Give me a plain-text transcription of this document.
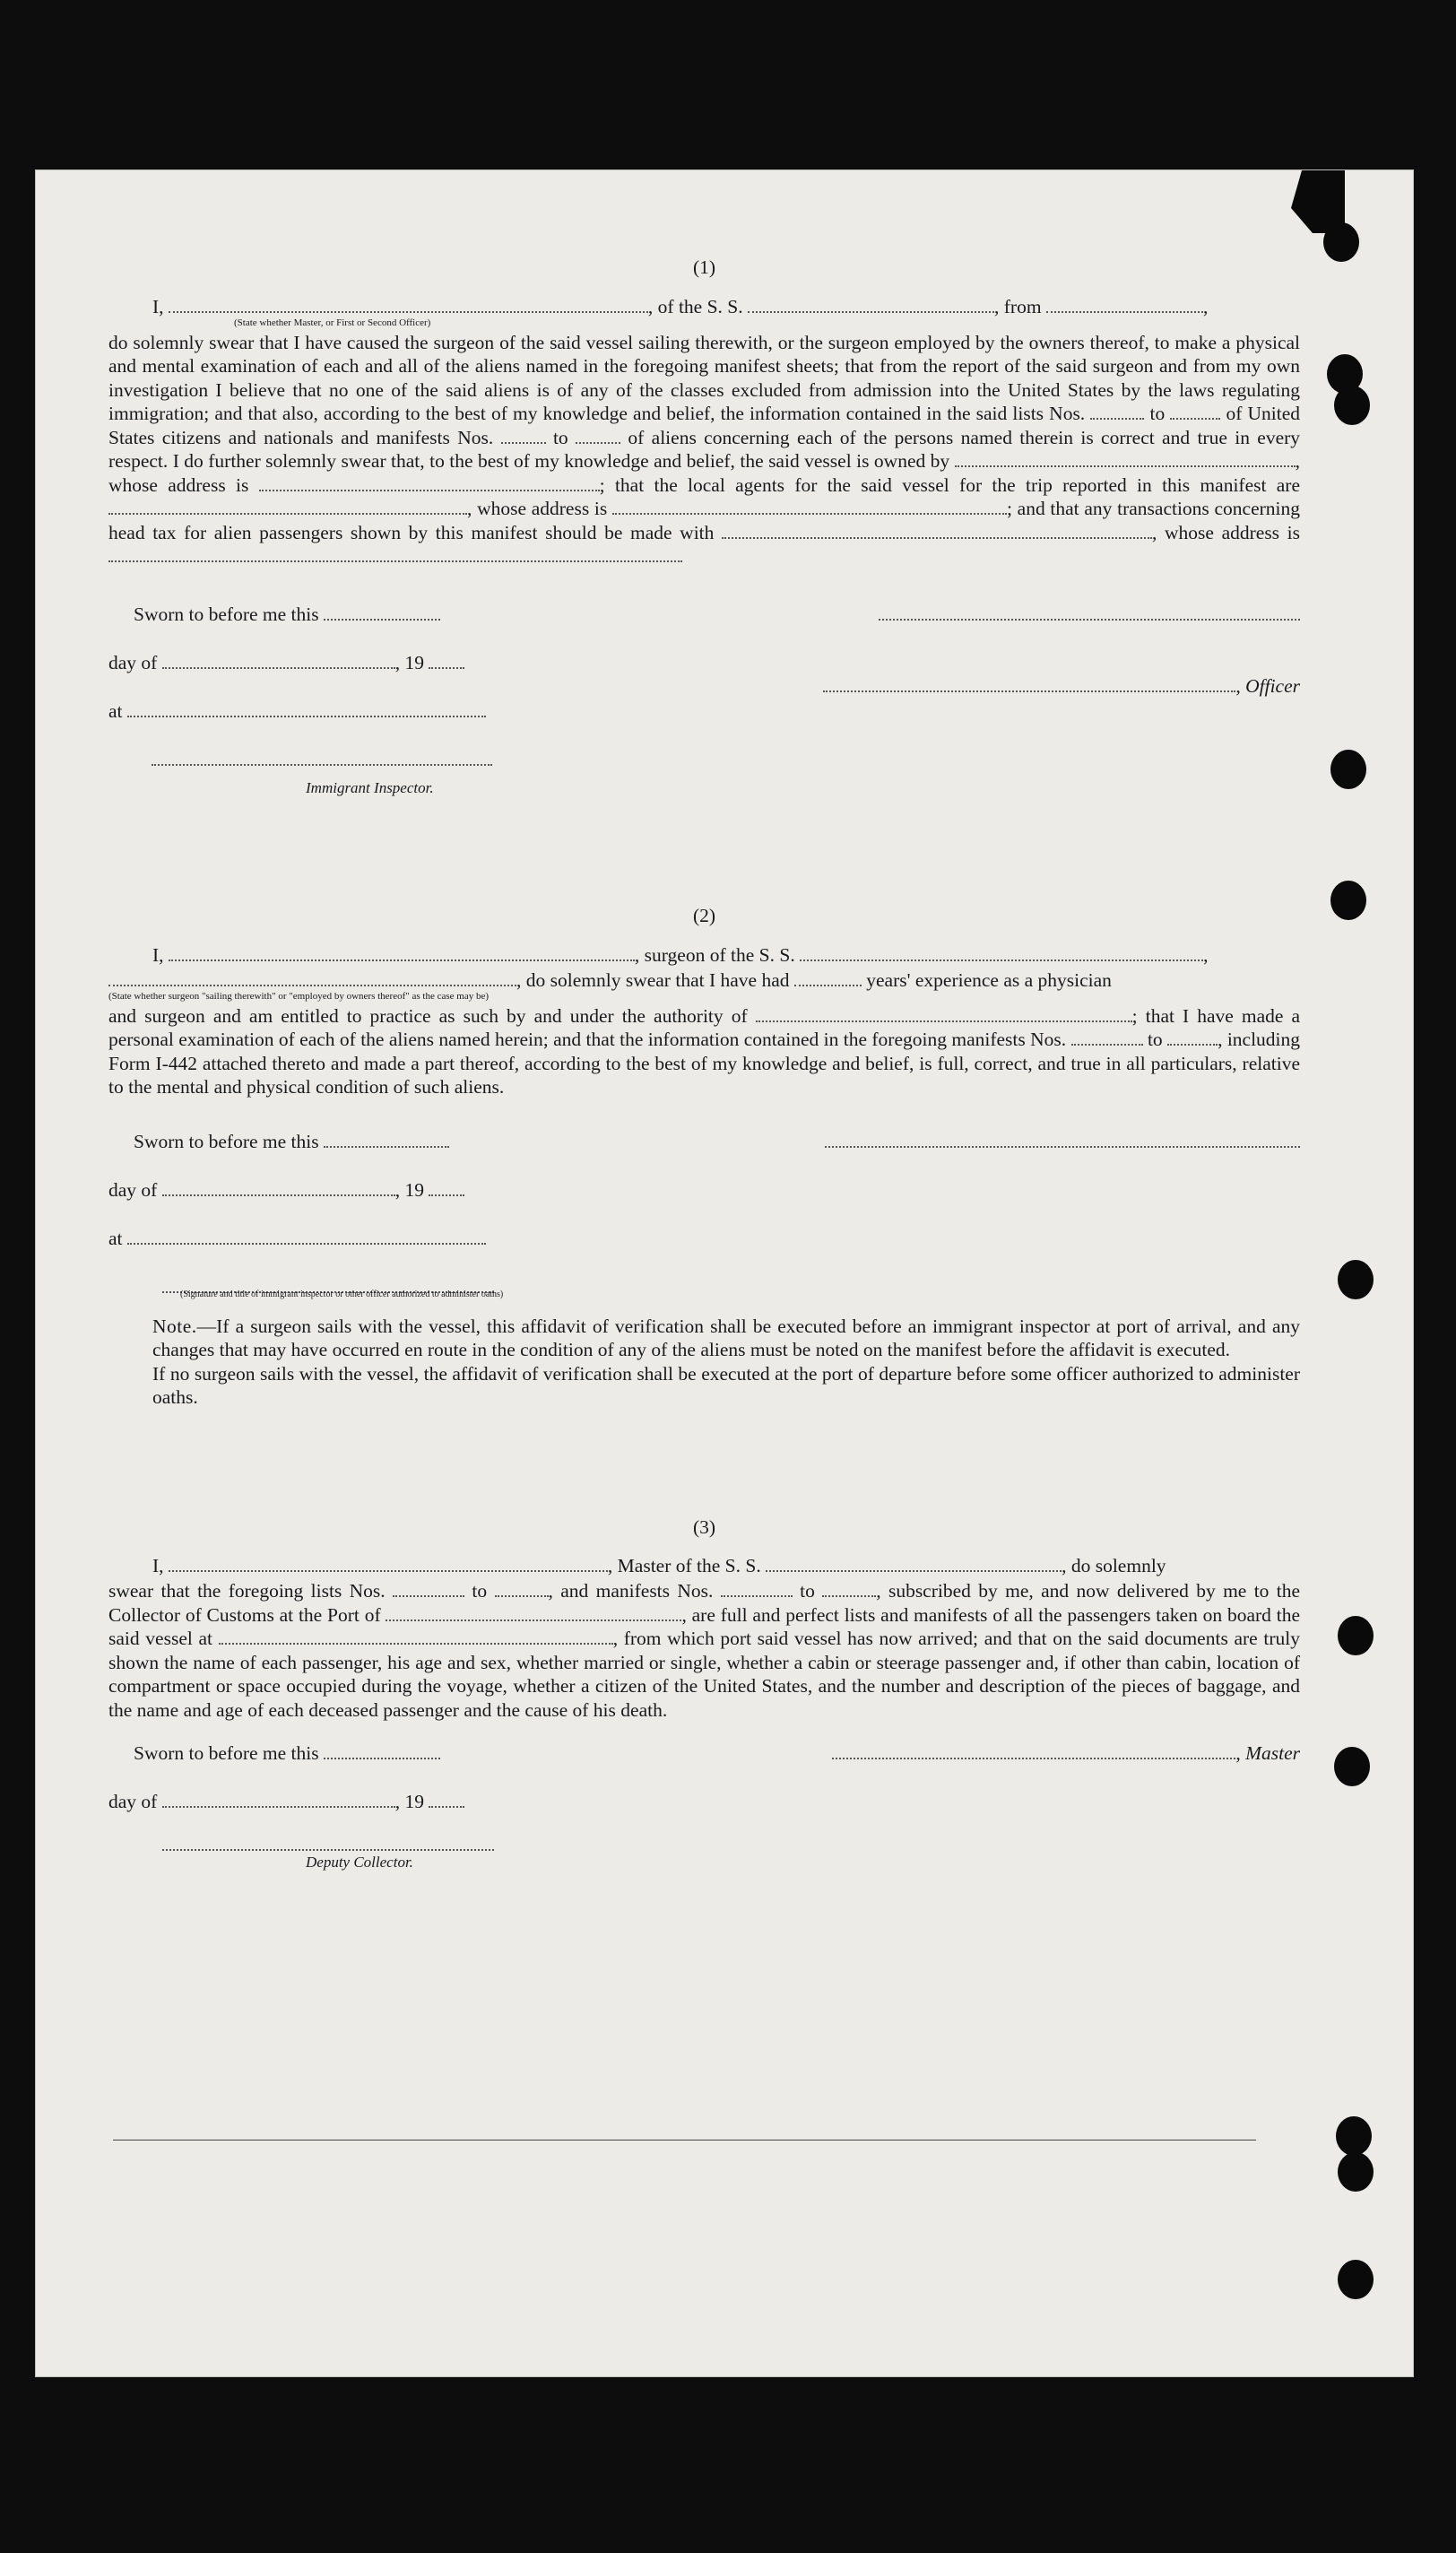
(1)
I,	, of the S. S.	, from	,
(State whether Master, or First or Second Officer)

do solemnly swear that I have caused the surgeon of the said vessel sailing therewith, or the surgeon employed by the owners thereof, to make a physical and mental examination of each and all of the aliens named in the foregoing manifest sheets; that from the report of the said surgeon and from my own investigation I believe that no one of the said aliens is of any of the classes excluded from admission into the United States by the laws regulating immigration; and that also, according to the best of my knowledge and belief, the information contained in the said lists Nos.	to	of United States citizens and nationals and manifests Nos.	to	of aliens concerning each of the persons named therein is correct and true in every respect. I do further solemnly swear that, to the best of my knowledge and belief, the said vessel is owned by	, whose address is	; that the local agents for the said vessel for the trip reported in this manifest are , whose address is	; and that any transactions concerning head tax for alien passengers shown by this manifest should be made with	, whose address is

Sworn to before me this
day of	, 19
at
Immigrant Inspector.
, Officer
(2)
I,	, surgeon of the S. S.	,
, do solemnly swear that I have had	years' experience as a physician
(State whether surgeon "sailing therewith" or "employed by owners thereof" as the case may be)

and surgeon and am entitled to practice as such by and under the authority of	; that I have made a personal examination of each of the aliens named herein; and that the information contained in the foregoing manifests Nos.	to	, including Form I-442 attached thereto and made a part thereof, according to the best of my knowledge and belief, is full, correct, and true in all particulars, relative to the mental and physical condition of such aliens.

Sworn to before me this
day of	, 19
at
(Signature and title of immigrant inspector or other officer authorized to administer oaths)

Note.—If a surgeon sails with the vessel, this affidavit of verification shall be executed before an immigrant inspector at port of arrival, and any changes that may have occurred en route in the condition of any of the aliens must be noted on the manifest before the affidavit is executed.

If no surgeon sails with the vessel, the affidavit of verification shall be executed at the port of departure before some officer authorized to administer oaths.

(3)
I,	, Master of the S. S.	, do solemnly

swear that the foregoing lists Nos.	to	, and manifests Nos.	to	, subscribed by me, and now delivered by me to the Collector of Customs at the Port of	, are full and perfect lists and manifests of all the passengers taken on board the said vessel at	, from which port said vessel has now arrived; and that on the said documents are truly shown the name of each passenger, his age and sex, whether married or single, whether a cabin or steerage passenger and, if other than cabin, location of compartment or space occupied during the voyage, whether a citizen of the United States, and the number and description of the pieces of baggage, and the name and age of each deceased passenger and the cause of his death.

Sworn to before me this
day of	, 19
Deputy Collector.
, Master
